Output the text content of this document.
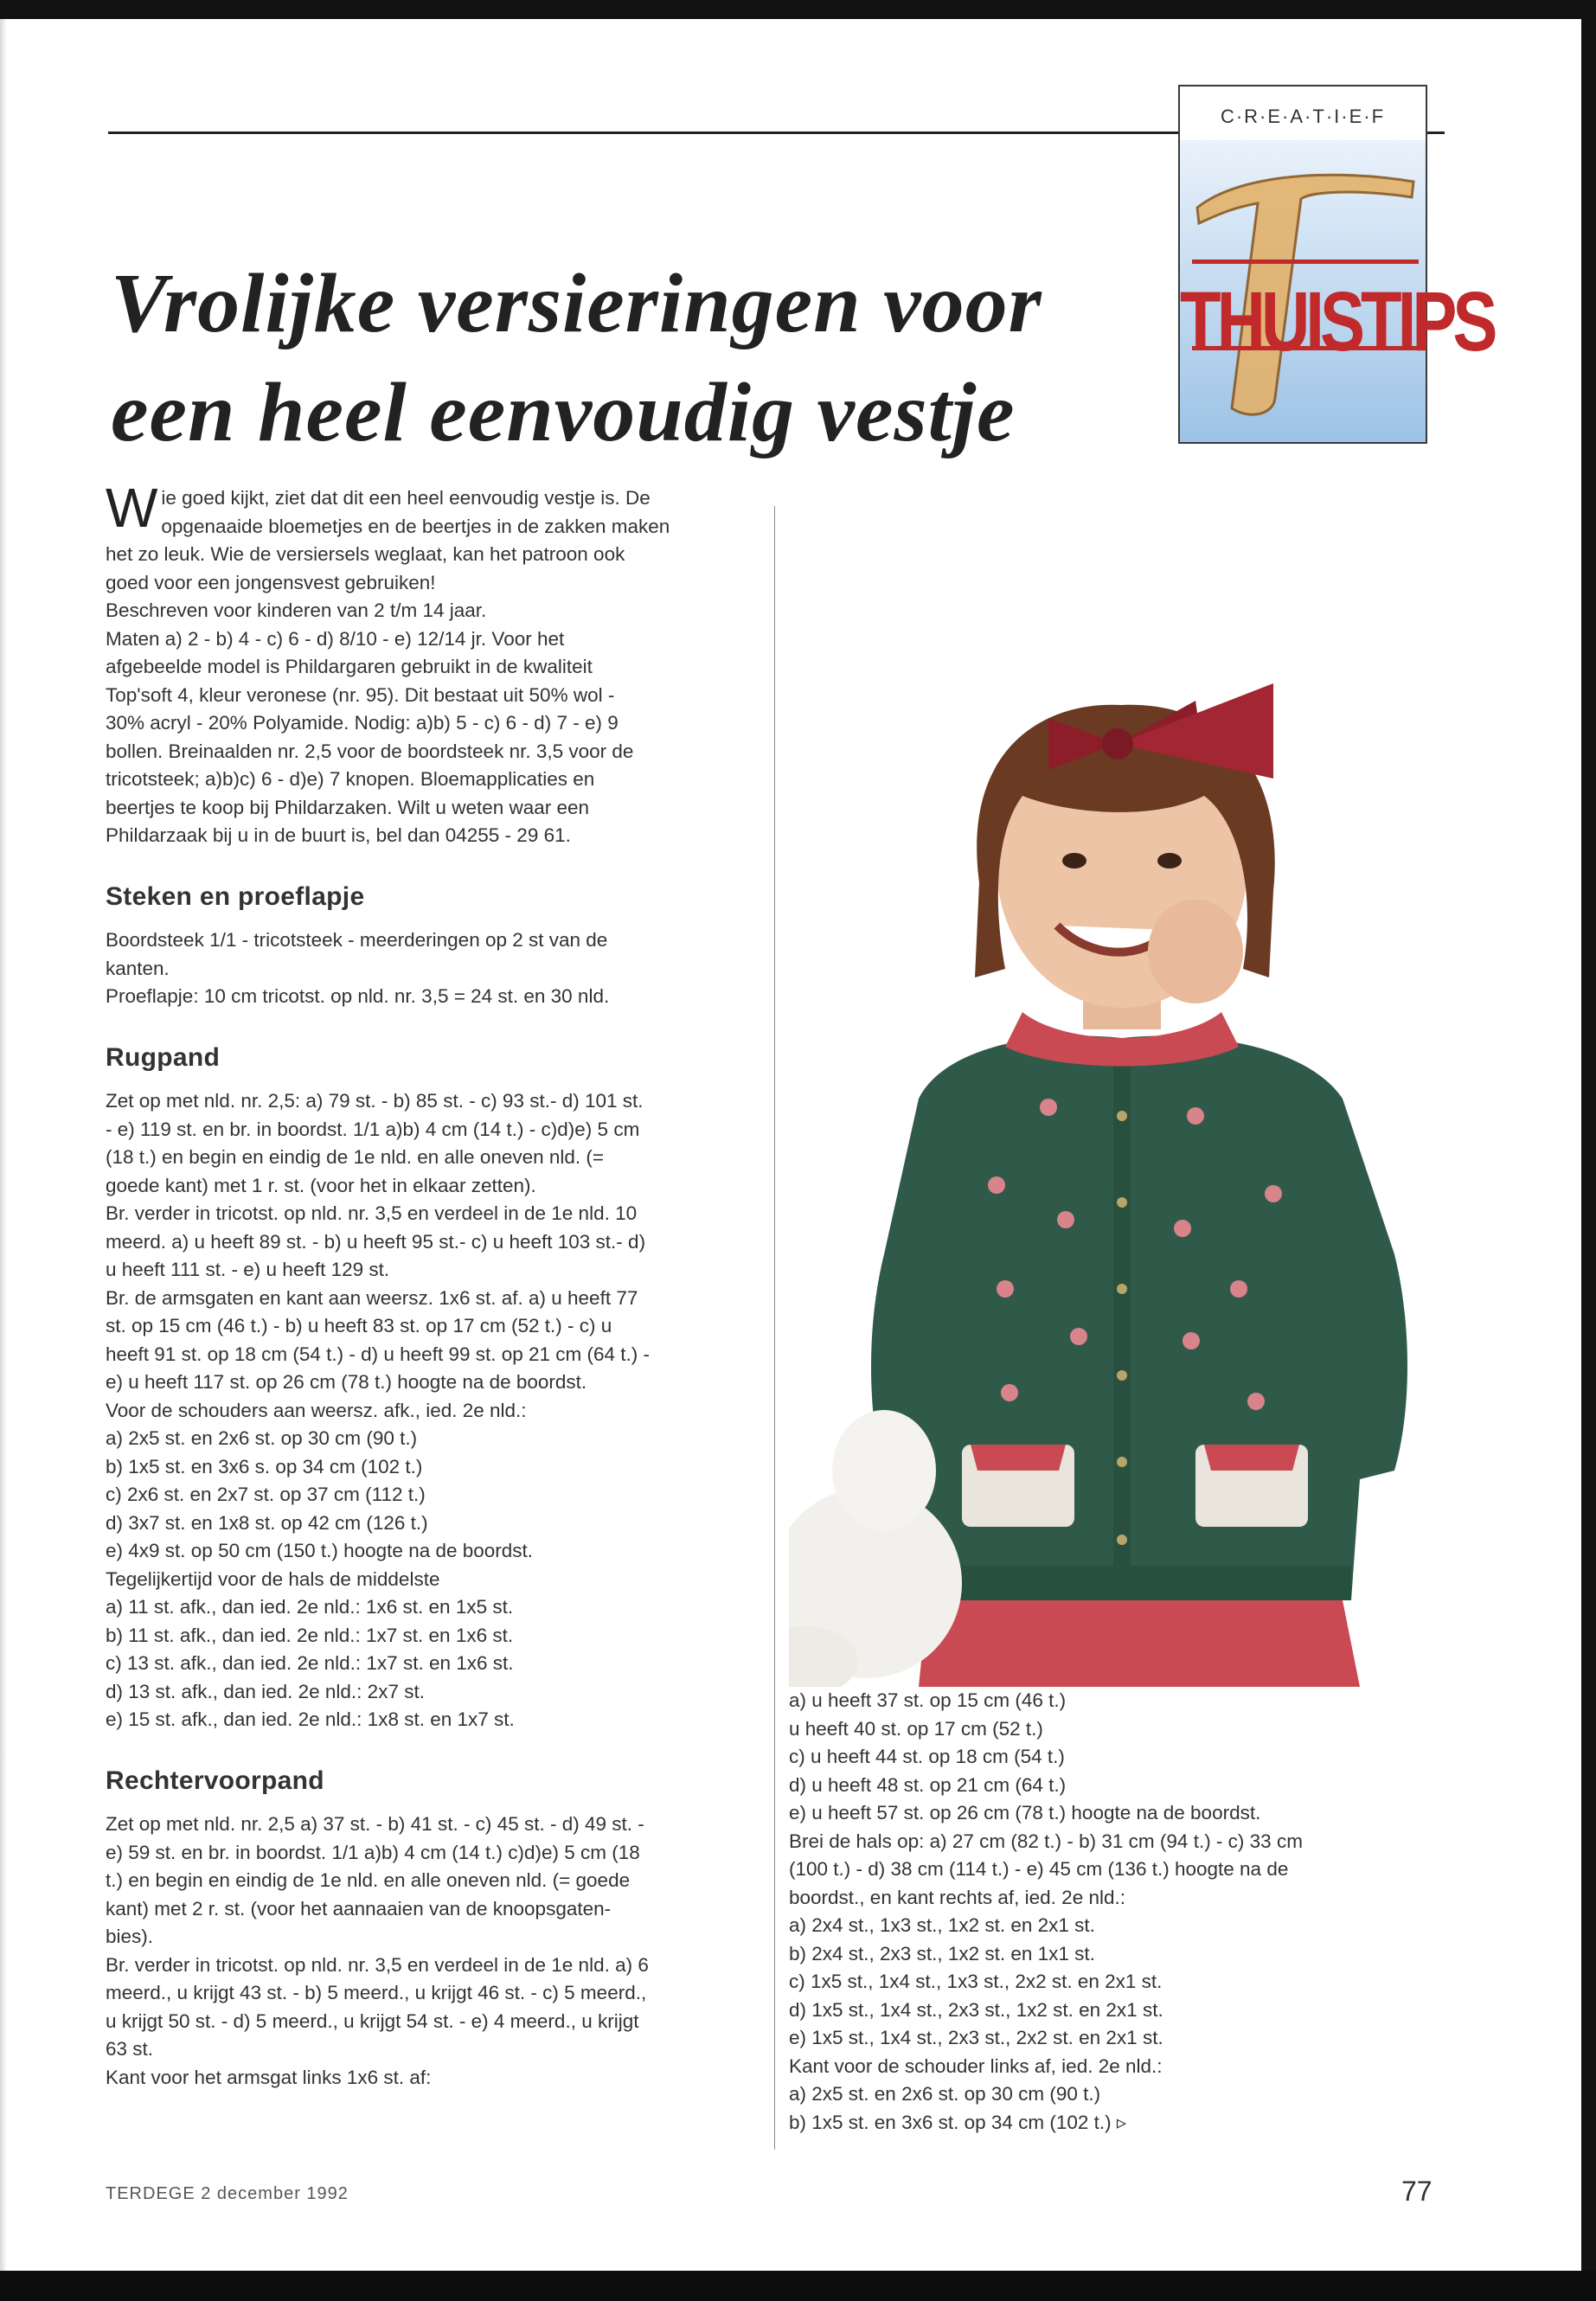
C·R·E·A·T·I·E·F
THUISTIPS
Vrolijke versieringen voor
een heel eenvoudig vestje
W ie goed kijkt, ziet dat dit een heel eenvoudig vestje is. De

opgenaaide bloemetjes en de beertjes in de zakken maken

het zo leuk. Wie de versiersels weglaat, kan het patroon ook

goed voor een jongensvest gebruiken!

Beschreven voor kinderen van 2 t/m 14 jaar.

Maten a) 2 - b) 4 - c) 6 - d) 8/10 - e) 12/14 jr. Voor het

afgebeelde model is Phildargaren gebruikt in de kwaliteit

Top'soft 4, kleur veronese (nr. 95). Dit bestaat uit 50% wol -

30% acryl - 20% Polyamide. Nodig: a)b) 5 - c) 6 - d) 7 - e) 9

bollen. Breinaalden nr. 2,5 voor de boordsteek nr. 3,5 voor de

tricotsteek; a)b)c) 6 - d)e) 7 knopen. Bloemapplicaties en

beertjes te koop bij Phildarzaken. Wilt u weten waar een

Phildarzaak bij u in de buurt is, bel dan 04255 - 29 61.

Steken en proeflapje

Boordsteek 1/1 - tricotsteek - meerderingen op 2 st van de

kanten.

Proeflapje: 10 cm tricotst. op nld. nr. 3,5 = 24 st. en 30 nld.

Rugpand

Zet op met nld. nr. 2,5: a) 79 st. - b) 85 st. - c) 93 st.- d) 101 st.

- e) 119 st. en br. in boordst. 1/1 a)b) 4 cm (14 t.) - c)d)e) 5 cm

(18 t.) en begin en eindig de 1e nld. en alle oneven nld. (=

goede kant) met 1 r. st. (voor het in elkaar zetten).

Br. verder in tricotst. op nld. nr. 3,5 en verdeel in de 1e nld. 10

meerd. a) u heeft 89 st. - b) u heeft 95 st.- c) u heeft 103 st.- d)

u heeft 111 st. - e) u heeft 129 st.

Br. de armsgaten en kant aan weersz. 1x6 st. af. a) u heeft 77

st. op 15 cm (46 t.) - b) u heeft 83 st. op 17 cm (52 t.) - c) u

heeft 91 st. op 18 cm (54 t.) - d) u heeft 99 st. op 21 cm (64 t.) -

e) u heeft 117 st. op 26 cm (78 t.) hoogte na de boordst.

Voor de schouders aan weersz. afk., ied. 2e nld.:

a) 2x5 st. en 2x6 st. op 30 cm (90 t.)

b) 1x5 st. en 3x6 s. op 34 cm (102 t.)

c) 2x6 st. en 2x7 st. op 37 cm (112 t.)

d) 3x7 st. en 1x8 st. op 42 cm (126 t.)

e) 4x9 st. op 50 cm (150 t.) hoogte na de boordst.

Tegelijkertijd voor de hals de middelste

a) 11 st. afk., dan ied. 2e nld.: 1x6 st. en 1x5 st.

b) 11 st. afk., dan ied. 2e nld.: 1x7 st. en 1x6 st.

c) 13 st. afk., dan ied. 2e nld.: 1x7 st. en 1x6 st.

d) 13 st. afk., dan ied. 2e nld.: 2x7 st.

e) 15 st. afk., dan ied. 2e nld.: 1x8 st. en 1x7 st.

Rechtervoorpand

Zet op met nld. nr. 2,5 a) 37 st. - b) 41 st. - c) 45 st. - d) 49 st. -

e) 59 st. en br. in boordst. 1/1 a)b) 4 cm (14 t.) c)d)e) 5 cm (18

t.) en begin en eindig de 1e nld. en alle oneven nld. (= goede

kant) met 2 r. st. (voor het aannaaien van de knoopsgaten-

bies).

Br. verder in tricotst. op nld. nr. 3,5 en verdeel in de 1e nld. a) 6

meerd., u krijgt 43 st. - b) 5 meerd., u krijgt 46 st. - c) 5 meerd.,

u krijgt 50 st. - d) 5 meerd., u krijgt 54 st. - e) 4 meerd., u krijgt

63 st.

Kant voor het armsgat links 1x6 st. af:

a) u heeft 37 st. op 15 cm (46 t.)

u heeft 40 st. op 17 cm (52 t.)

c) u heeft 44 st. op 18 cm (54 t.)

d) u heeft 48 st. op 21 cm (64 t.)

e) u heeft 57 st. op 26 cm (78 t.) hoogte na de boordst.

Brei de hals op: a) 27 cm (82 t.) - b) 31 cm (94 t.) - c) 33 cm

(100 t.) - d) 38 cm (114 t.) - e) 45 cm (136 t.) hoogte na de

boordst., en kant rechts af, ied. 2e nld.:

a) 2x4 st., 1x3 st., 1x2 st. en 2x1 st.

b) 2x4 st., 2x3 st., 1x2 st. en 1x1 st.

c) 1x5 st., 1x4 st., 1x3 st., 2x2 st. en 2x1 st.

d) 1x5 st., 1x4 st., 2x3 st., 1x2 st. en 2x1 st.

e) 1x5 st., 1x4 st., 2x3 st., 2x2 st. en 2x1 st.

Kant voor de schouder links af, ied. 2e nld.:

a) 2x5 st. en 2x6 st. op 30 cm (90 t.)

b) 1x5 st. en 3x6 st. op 34 cm (102 t.) ▹

TERDEGE 2 december 1992	77
